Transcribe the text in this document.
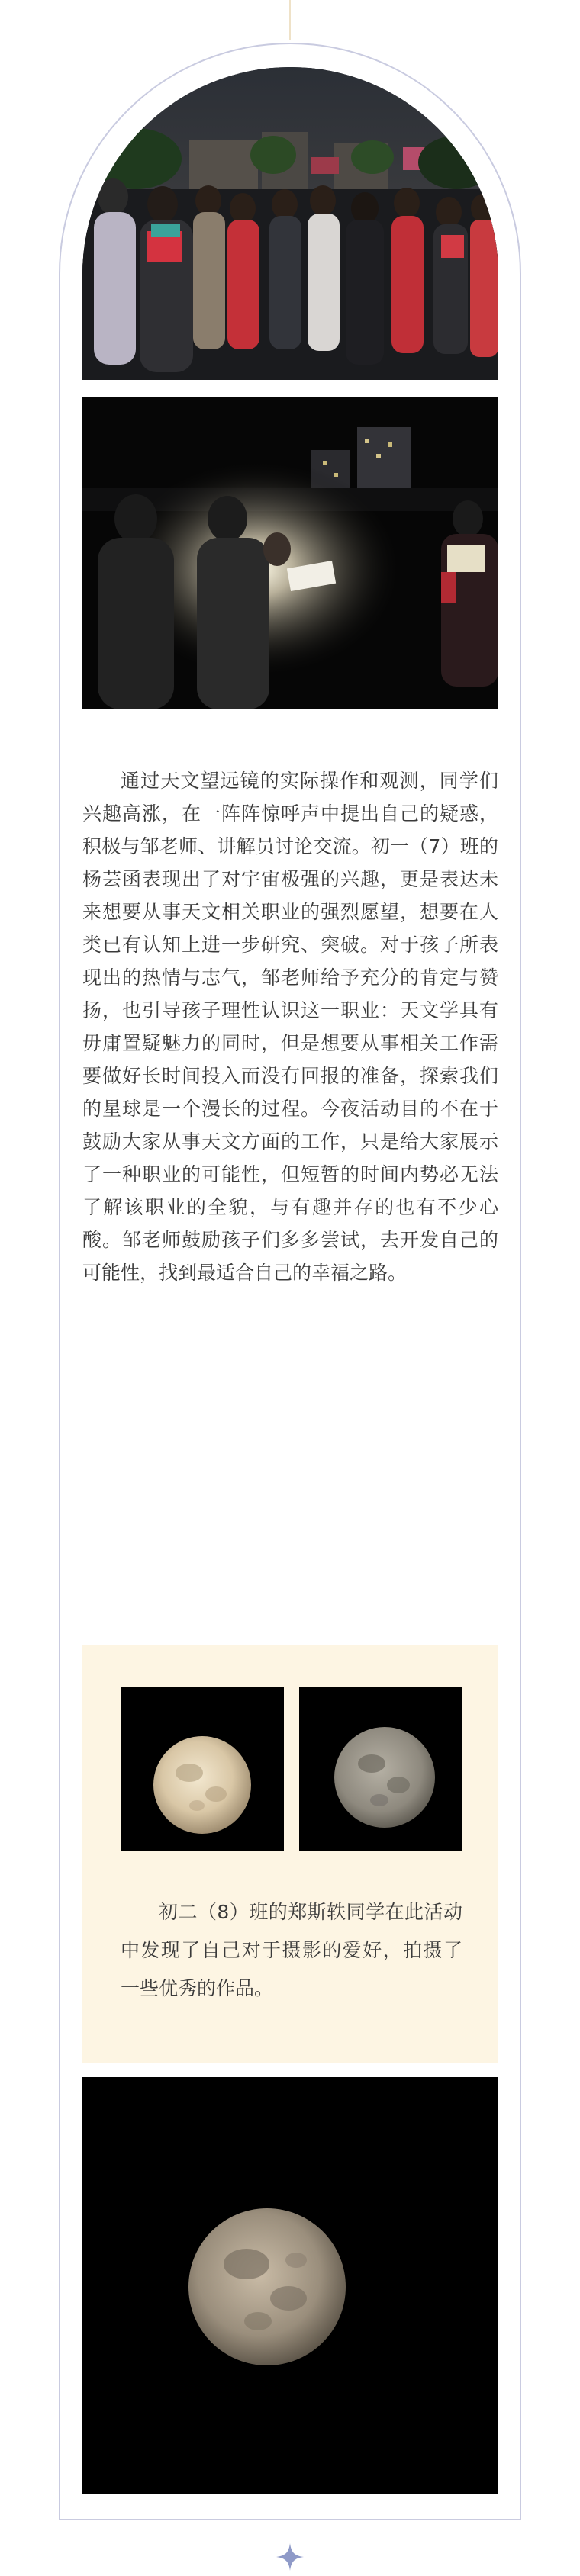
通过天文望远镜的实际操作和观测，同学们兴趣高涨，在一阵阵惊呼声中提出自己的疑惑，积极与邹老师、讲解员讨论交流。初一（7）班的杨芸函表现出了对宇宙极强的兴趣，更是表达未来想要从事天文相关职业的强烈愿望，想要在人类已有认知上进一步研究、突破。对于孩子所表现出的热情与志气，邹老师给予充分的肯定与赞扬，也引导孩子理性认识这一职业：天文学具有毋庸置疑魅力的同时，但是想要从事相关工作需要做好长时间投入而没有回报的准备，探索我们的星球是一个漫长的过程。今夜活动目的不在于鼓励大家从事天文方面的工作，只是给大家展示了一种职业的可能性，但短暂的时间内势必无法了解该职业的全貌，与有趣并存的也有不少心酸。邹老师鼓励孩子们多多尝试，去开发自己的可能性，找到最适合自己的幸福之路。

初二（8）班的郑斯轶同学在此活动中发现了自己对于摄影的爱好，拍摄了一些优秀的作品。
